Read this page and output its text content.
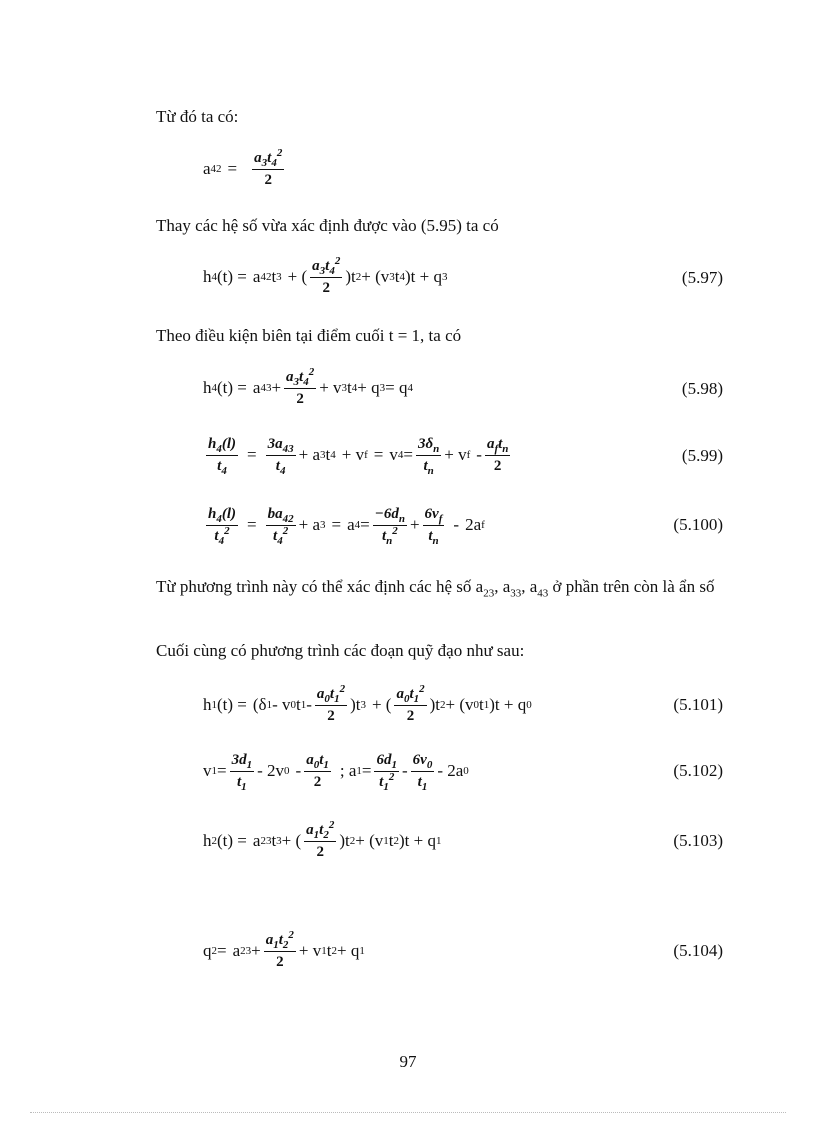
Từ đó ta có:
a $42 = \frac{a_3t_4^2}{2}$
Thay các hệ số vừa xác định được vào (5.95) ta có
h 4 (t) =
a 42 t 3 + ( $\frac{a_3t_4^2}{2} )t$ 2 + (v 3 t 4 )t + q 3	(5.97)
Theo điều kiện biên tại điểm cuối t = 1, ta có
h 4 (t) =
a $43 + \frac{a_3t_4^2}{2} + v$ 3 t 4 + q 3 = q 4	(5.98)
$\frac{h_4(l)}{t_4} = \frac{3a_{43}}{t_4} + a$ 3 t 4 + v f =
v $4 = \frac{3\delta_n}{t_n} + v$ f - $\frac{a_ft_n}{2}$	(5.99)
$\frac{h_4(l)}{t_4^2} = \frac{ba_{42}}{t_4^2} + a$ 3 =
a $4 = \frac{-6d_n}{t_n^2} + \frac{6v_f}{t_n}$ -
2a f	(5.100)
Từ phương trình này có thể xác định các hệ số $a_{23}$, $a_{33}$, $a_{43}$ ở phần trên còn là ẩn số
Cuối cùng có phương trình các đoạn quỹ đạo như sau:
h 1 (t) =
(δ 1 - v 0 t $1 - \frac{a_0t_1^2}{2} )t$ 3 + ( $\frac{a_0t_1^2}{2} )t$ 2 + (v 0 t 1 )t + q 0	(5.101)
v $1 = \frac{3d_1}{t_1} - 2v$ $0 - \frac{a_0t_1}{2}$ ; a $1 = \frac{6d_1}{t_1^2} - \frac{6v_0}{t_1} - 2a$ 0	(5.102)
h 2 (t) =
a 23 t 3 + ( $\frac{a_1t_2^2}{2} )t$ 2 + (v 1 t 2 )t + q 1	(5.103)
q 2 =
a $23 + \frac{a_1t_2^2}{2} + v$ 1 t 2 + q 1	(5.104)
97
